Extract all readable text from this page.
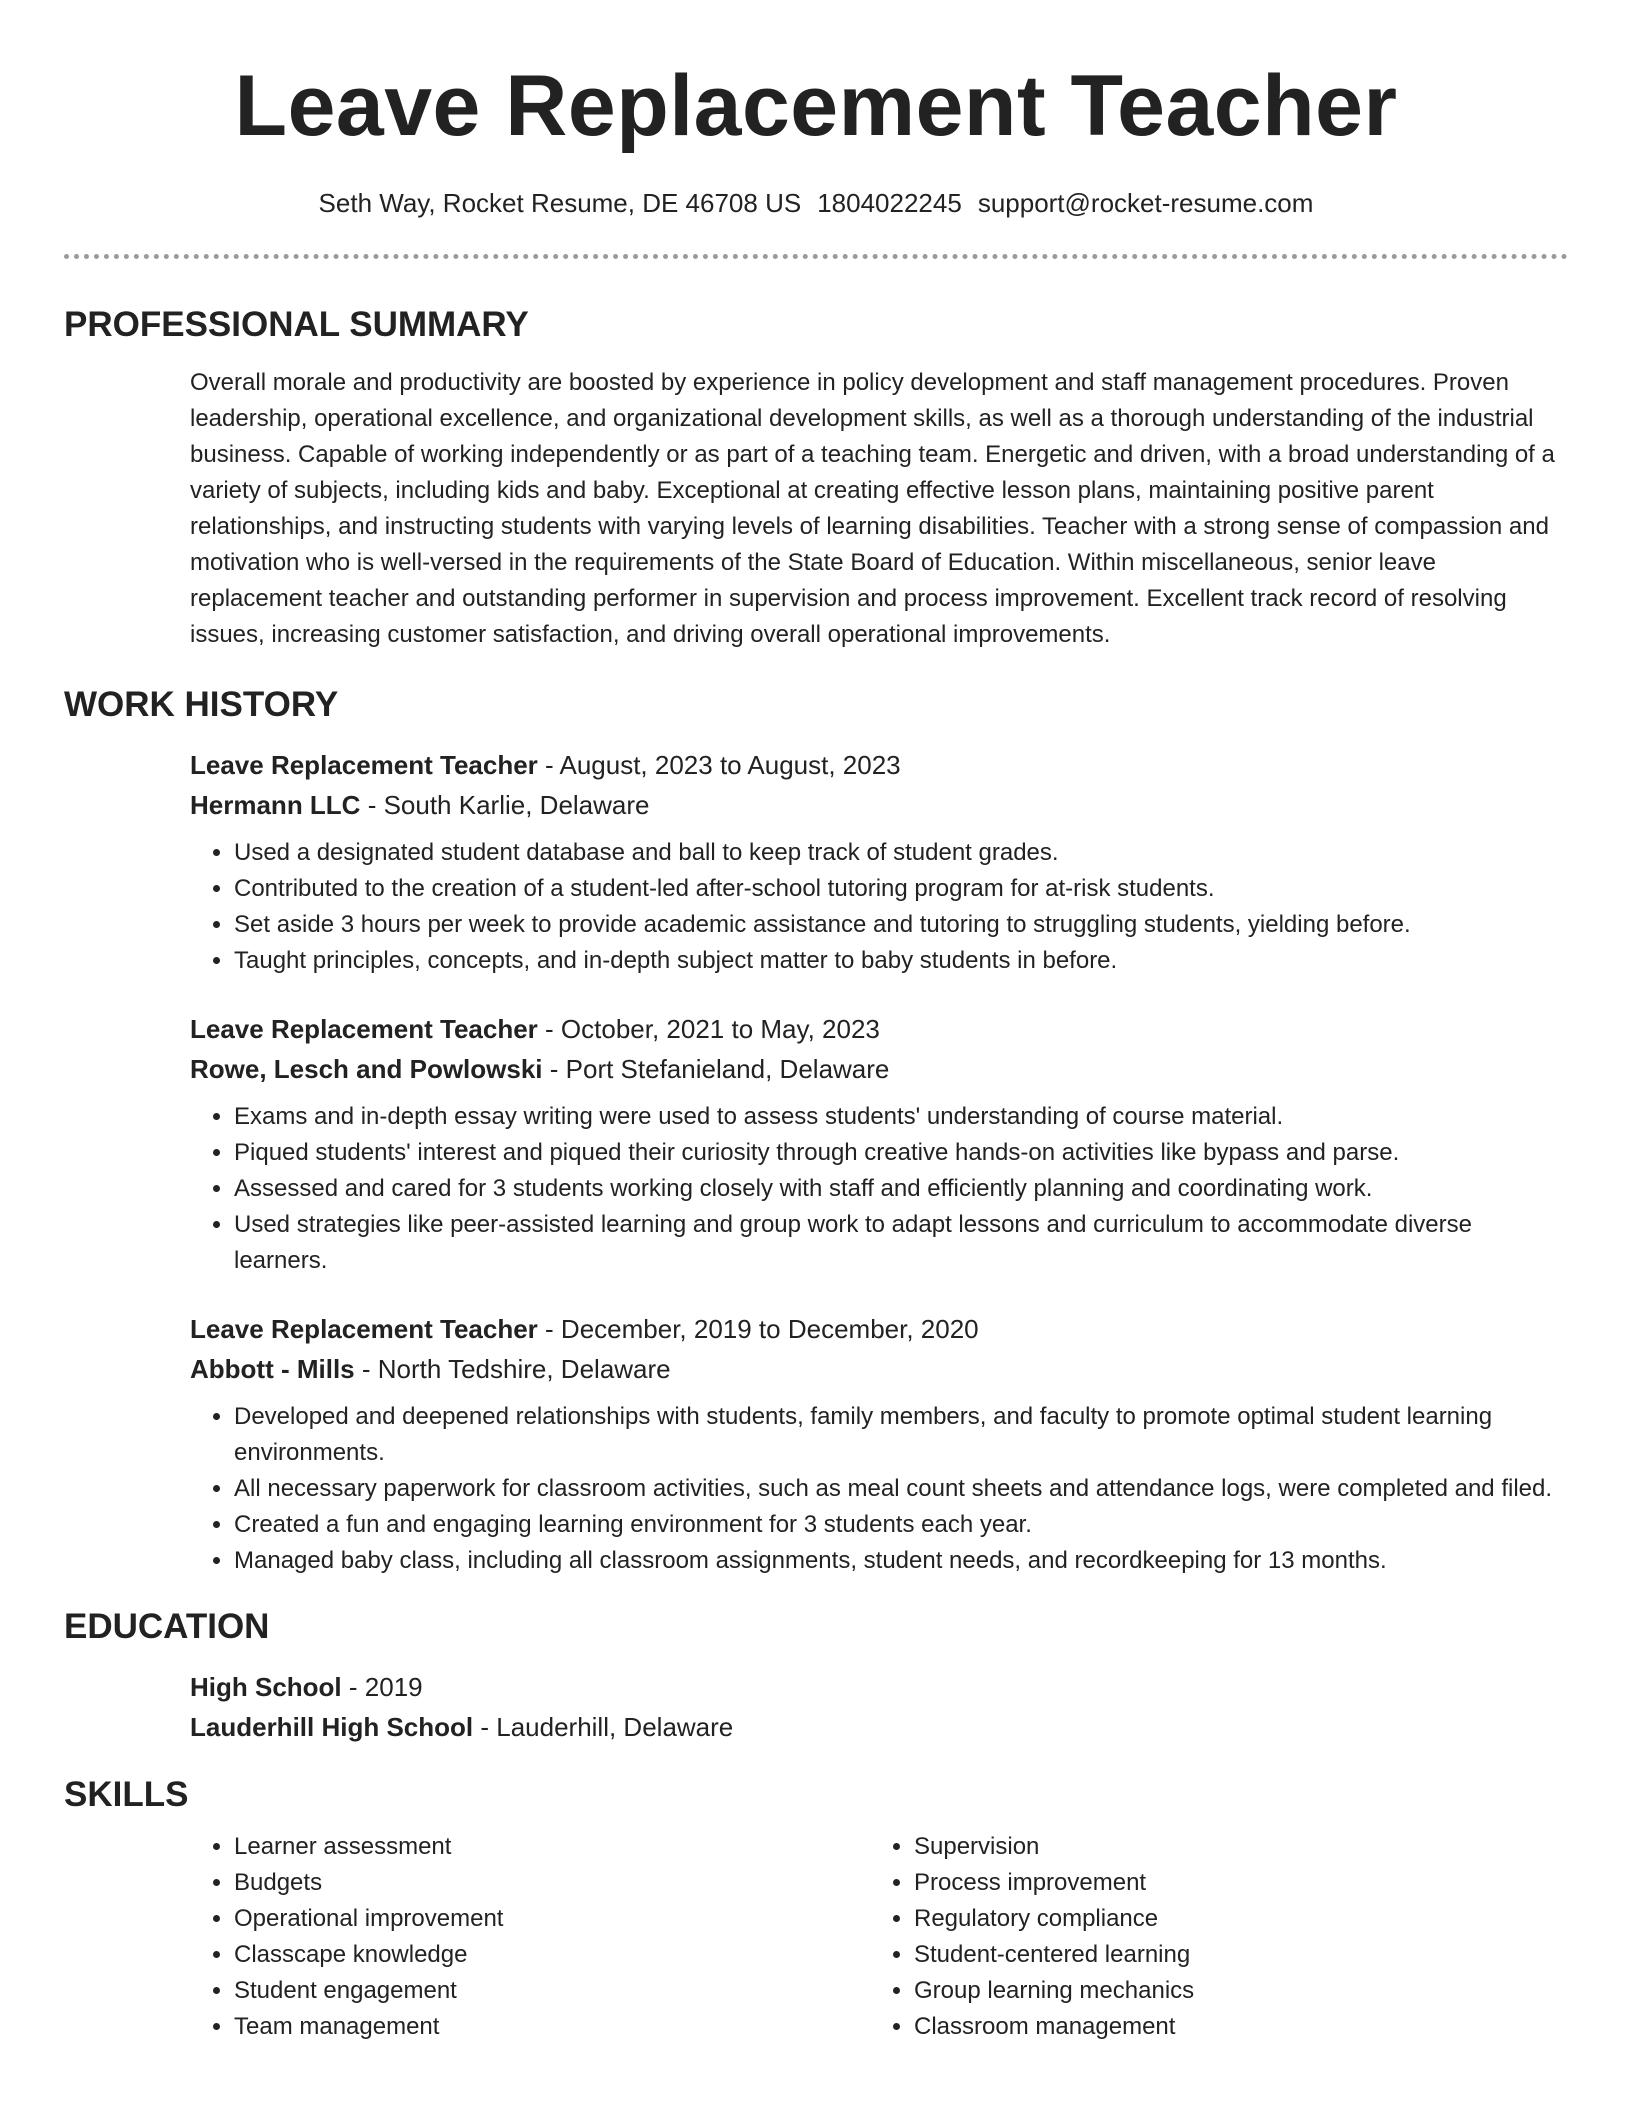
Leave Replacement Teacher
Seth Way, Rocket Resume, DE 46708 US 1804022245 support@rocket-resume.com
PROFESSIONAL SUMMARY

Overall morale and productivity are boosted by experience in policy development and staff management procedures. Proven leadership, operational excellence, and organizational development skills, as well as a thorough understanding of the industrial business. Capable of working independently or as part of a teaching team. Energetic and driven, with a broad understanding of a variety of subjects, including kids and baby. Exceptional at creating effective lesson plans, maintaining positive parent relationships, and instructing students with varying levels of learning disabilities. Teacher with a strong sense of compassion and motivation who is well-versed in the requirements of the State Board of Education. Within miscellaneous, senior leave replacement teacher and outstanding performer in supervision and process improvement. Excellent track record of resolving issues, increasing customer satisfaction, and driving overall operational improvements.

WORK HISTORY

Leave Replacement Teacher - August, 2023 to August, 2023

Hermann LLC - South Karlie, Delaware

• Used a designated student database and ball to keep track of student grades.
• Contributed to the creation of a student-led after-school tutoring program for at-risk students.
• Set aside 3 hours per week to provide academic assistance and tutoring to struggling students, yielding before.
• Taught principles, concepts, and in-depth subject matter to baby students in before.

Leave Replacement Teacher - October, 2021 to May, 2023

Rowe, Lesch and Powlowski - Port Stefanieland, Delaware

• Exams and in-depth essay writing were used to assess students' understanding of course material.
• Piqued students' interest and piqued their curiosity through creative hands-on activities like bypass and parse.
• Assessed and cared for 3 students working closely with staff and efficiently planning and coordinating work.
• Used strategies like peer-assisted learning and group work to adapt lessons and curriculum to accommodate diverse learners.

Leave Replacement Teacher - December, 2019 to December, 2020

Abbott - Mills - North Tedshire, Delaware

• Developed and deepened relationships with students, family members, and faculty to promote optimal student learning environments.
• All necessary paperwork for classroom activities, such as meal count sheets and attendance logs, were completed and filed.
• Created a fun and engaging learning environment for 3 students each year.
• Managed baby class, including all classroom assignments, student needs, and recordkeeping for 13 months.
EDUCATION

High School - 2019

Lauderhill High School - Lauderhill, Delaware

SKILLS
• Learner assessment
• Budgets
• Operational improvement
• Classcape knowledge
• Student engagement
• Team management
• Supervision
• Process improvement
• Regulatory compliance
• Student-centered learning
• Group learning mechanics
• Classroom management
